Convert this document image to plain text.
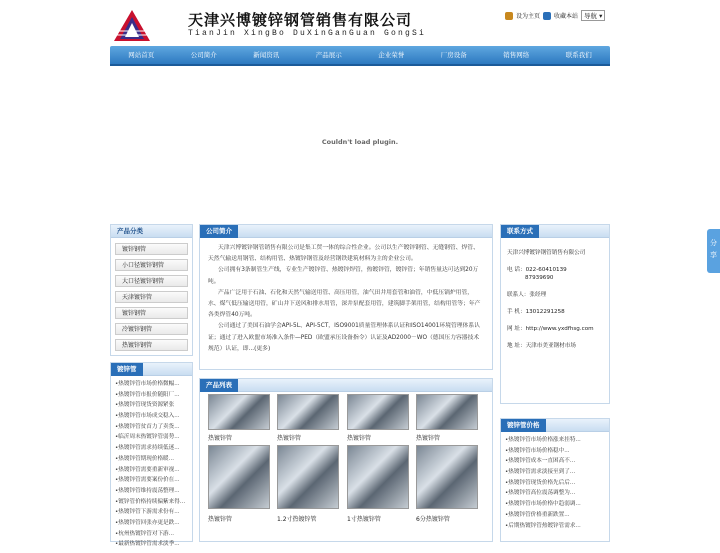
天津兴博镀锌钢管销售有限公司
TianJin XingBo DuXinGanGuan GongSi
设为主页 收藏本站 导航 ▾
网站首页	公司简介	新闻资讯	产品展示	企业荣誉	厂房设备	销售网络	联系我们
Couldn't load plugin.
产品分类
镀锌钢管
小口径镀锌钢管
大口径镀锌钢管
天津镀锌管
镀锌钢管
冷镀锌钢管
热镀锌钢管
镀锌管
•热镀锌管市场价格微幅...
•热镀锌管市报价随阳厂...
•热镀锌管现货资源紧张
•热镀锌管市场成交稳入...
•热镀锌管贫首力了卖货...
•临沂周末热镀锌管弱势...
•热镀锌管需求持续低迷...
•热镀锌管期现价格暖...
•热镀锌管需要重新审视...
•热镀锌管需要案份价在...
•热镀锌管维持震荡整理...
•镀锌管价格持续偏紫来得...
•热镀锌管下游需求份有...
•热镀锌管回张亦更是跌...
•杭州热镀锌管对下游...
•最新热镀锌管需求淡季...
公司简介

天津兴博镀锌钢管销售有限公司是集工贸一体的综合性企业。公司以生产镀锌钢管、无缝钢管、焊管、天然气输送用钢管、结构用管、热镀锌钢管及经营钢铁建筑材料为主的企业公司。

公司拥有3条制管生产线，专业生产镀锌管、热镀锌焊管，热镀锌管，镀锌管；年销售量达可达到20万吨。

产品广泛用于石油、石化和天然气输送用管、高压用管，油气田井用套管和油管，中低压锅炉用管，水、煤气低压输送用管，矿山井下送风和排水用管，深井泵配套用管，建筑脚手架用管，结构用管等；年产各类焊管40万吨。

公司通过了美国石油学会API-5L、API-5CT，ISO9001质量管理体系认证和ISO14001环境管理体系认证；通过了进入欧盟市场准入条件—PED（欧盟承压设备指令）认证及AD2000－WO（德国压力容器技术规范）认证，即...(更多)

产品列表
热镀锌管	热镀锌管	热镀锌管	热镀锌管
热镀锌管	1.2寸热镀锌管	1寸热镀锌管	6分热镀锌管
联系方式
天津兴博镀锌钢管销售有限公司
电 话：022-60410139
87939690
联系人：张经理
手 机：13012291258
网 址：http://www.yxdfhsg.com
地 址：天津市美亚钢材市场
镀锌管价格
•热镀锌管市场价格涨来挂特...
•热镀锌管市场价格稳中...
•热镀锌管成本一直困高不...
•热镀锌管需求淡接至到了...
•热镀锌管现货价格先后后...
•热镀锌管高位震荡调整为...
•热镀锌管市场价格中趋弱调...
•热镀锌管价格重新跌置...
•后期热镀锌管热镀锌管需求...
分享
